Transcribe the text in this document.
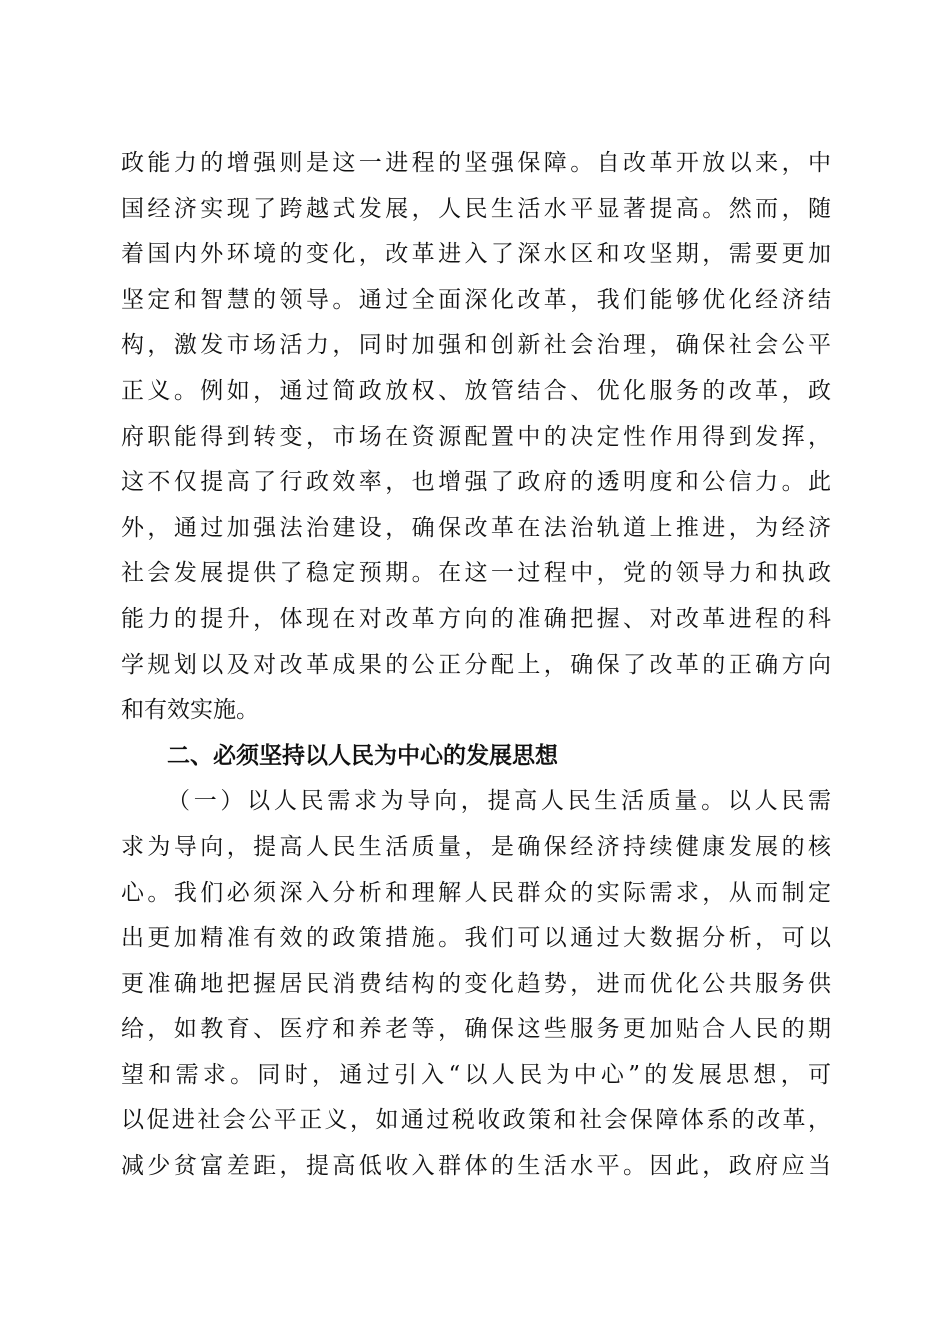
政能力的增强则是这一进程的坚强保障。自改革开放以来，中
国经济实现了跨越式发展，人民生活水平显著提高。然而，随
着国内外环境的变化，改革进入了深水区和攻坚期，需要更加
坚定和智慧的领导。通过全面深化改革，我们能够优化经济结
构，激发市场活力，同时加强和创新社会治理，确保社会公平
正义。例如，通过简政放权、放管结合、优化服务的改革，政
府职能得到转变，市场在资源配置中的决定性作用得到发挥，
这不仅提高了行政效率，也增强了政府的透明度和公信力。此
外，通过加强法治建设，确保改革在法治轨道上推进，为经济
社会发展提供了稳定预期。在这一过程中，党的领导力和执政
能力的提升，体现在对改革方向的准确把握、对改革进程的科
学规划以及对改革成果的公正分配上，确保了改革的正确方向
和有效实施。
二、必须坚持以人民为中心的发展思想
（一）以人民需求为导向，提高人民生活质量。以人民需
求为导向，提高人民生活质量，是确保经济持续健康发展的核
心。我们必须深入分析和理解人民群众的实际需求，从而制定
出更加精准有效的政策措施。我们可以通过大数据分析，可以
更准确地把握居民消费结构的变化趋势，进而优化公共服务供
给，如教育、医疗和养老等，确保这些服务更加贴合人民的期
望和需求。同时，通过引入“以人民为中心”的发展思想，可
以促进社会公平正义，如通过税收政策和社会保障体系的改革，
减少贫富差距，提高低收入群体的生活水平。因此，政府应当
